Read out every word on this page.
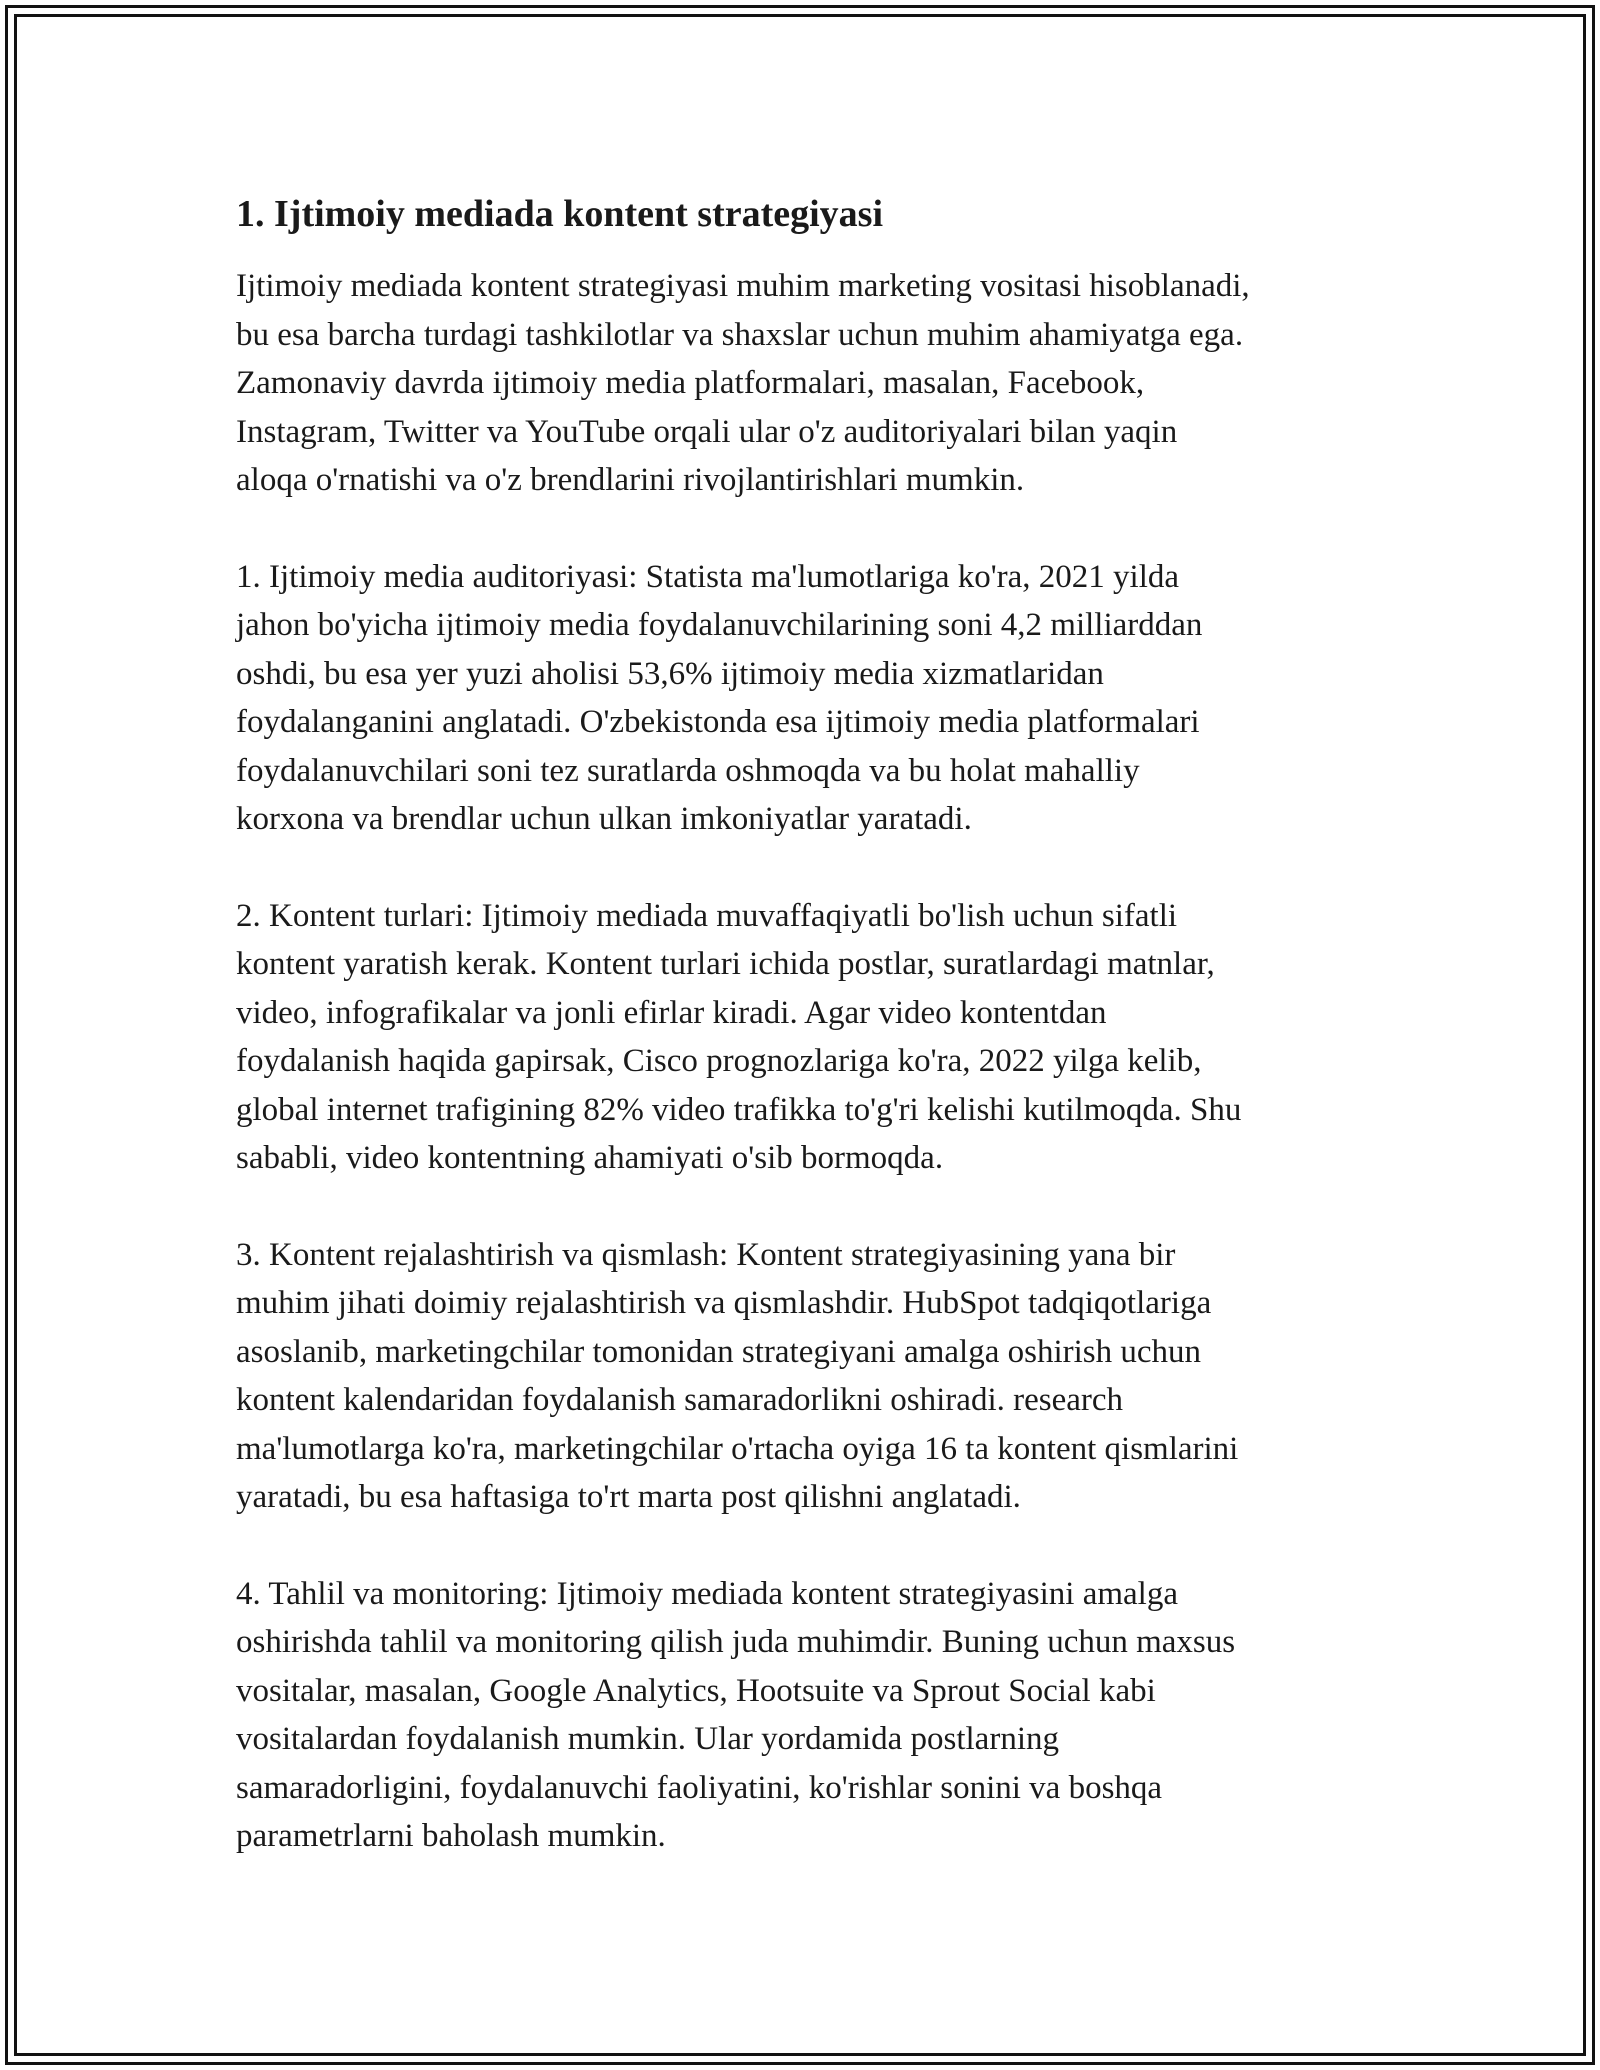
1. Ijtimoiy mediada kontent strategiyasi

Ijtimoiy mediada kontent strategiyasi muhim marketing vositasi hisoblanadi,
bu esa barcha turdagi tashkilotlar va shaxslar uchun muhim ahamiyatga ega.
Zamonaviy davrda ijtimoiy media platformalari, masalan, Facebook,
Instagram, Twitter va YouTube orqali ular o'z auditoriyalari bilan yaqin
aloqa o'rnatishi va o'z brendlarini rivojlantirishlari mumkin.

1. Ijtimoiy media auditoriyasi: Statista ma'lumotlariga ko'ra, 2021 yilda
jahon bo'yicha ijtimoiy media foydalanuvchilarining soni 4,2 milliarddan
oshdi, bu esa yer yuzi aholisi 53,6% ijtimoiy media xizmatlaridan
foydalanganini anglatadi. O'zbekistonda esa ijtimoiy media platformalari
foydalanuvchilari soni tez suratlarda oshmoqda va bu holat mahalliy
korxona va brendlar uchun ulkan imkoniyatlar yaratadi.

2. Kontent turlari: Ijtimoiy mediada muvaffaqiyatli bo'lish uchun sifatli
kontent yaratish kerak. Kontent turlari ichida postlar, suratlardagi matnlar,
video, infografikalar va jonli efirlar kiradi. Agar video kontentdan
foydalanish haqida gapirsak, Cisco prognozlariga ko'ra, 2022 yilga kelib,
global internet trafigining 82% video trafikka to'g'ri kelishi kutilmoqda. Shu
sababli, video kontentning ahamiyati o'sib bormoqda.

3. Kontent rejalashtirish va qismlash: Kontent strategiyasining yana bir
muhim jihati doimiy rejalashtirish va qismlashdir. HubSpot tadqiqotlariga
asoslanib, marketingchilar tomonidan strategiyani amalga oshirish uchun
kontent kalendaridan foydalanish samaradorlikni oshiradi. research
ma'lumotlarga ko'ra, marketingchilar o'rtacha oyiga 16 ta kontent qismlarini
yaratadi, bu esa haftasiga to'rt marta post qilishni anglatadi.

4. Tahlil va monitoring: Ijtimoiy mediada kontent strategiyasini amalga
oshirishda tahlil va monitoring qilish juda muhimdir. Buning uchun maxsus
vositalar, masalan, Google Analytics, Hootsuite va Sprout Social kabi
vositalardan foydalanish mumkin. Ular yordamida postlarning
samaradorligini, foydalanuvchi faoliyatini, ko'rishlar sonini va boshqa
parametrlarni baholash mumkin.
